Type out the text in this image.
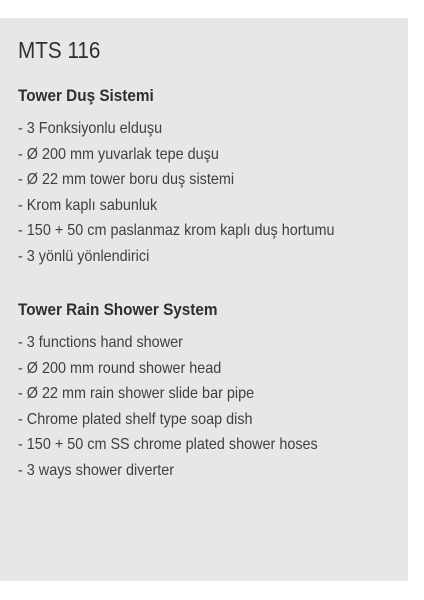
MTS 116
Tower Duş Sistemi
- 3 Fonksiyonlu elduşu
- Ø 200 mm yuvarlak tepe duşu
- Ø 22 mm tower boru duş sistemi
- Krom kaplı sabunluk
- 150 + 50 cm paslanmaz krom kaplı duş hortumu
- 3 yönlü yönlendirici
Tower Rain Shower System
- 3 functions hand shower
- Ø 200 mm round shower head
- Ø 22 mm rain shower slide bar pipe
- Chrome plated shelf type soap dish
- 150 + 50 cm SS chrome plated shower hoses
- 3 ways shower diverter
